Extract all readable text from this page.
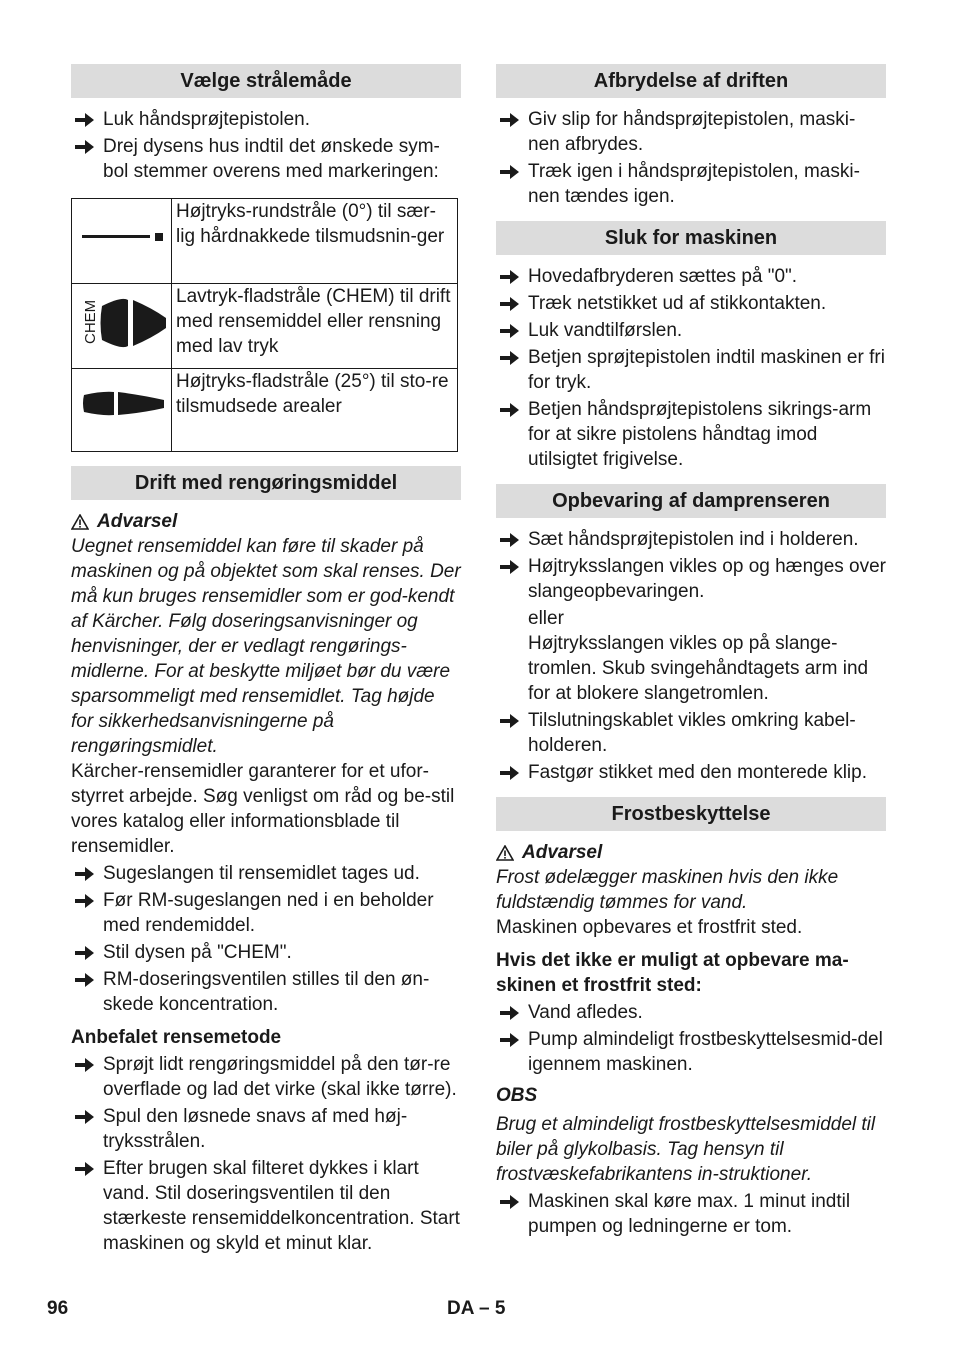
Vælge strålemåde
Luk håndsprøjtepistolen.
Drej dysens hus indtil det ønskede sym-bol stemmer overens med markeringen:
	Højtryks-rundstråle (0°) til sær-lig hårdnakkede tilsmudsnin-ger

CHEM	Lavtryk-fladstråle (CHEM) til drift med rensemiddel eller rensning med lav tryk
	Højtryks-fladstråle (25°) til sto-re tilsmudsede arealer
Drift med rengøringsmiddel
Advarsel
Uegnet rensemiddel kan føre til skader på maskinen og på objektet som skal renses. Der må kun bruges rensemidler som er god-kendt af Kärcher. Følg doseringsanvisninger og henvisninger, der er vedlagt rengørings-midlerne. For at beskytte miljøet bør du være sparsommeligt med rensemidlet. Tag højde for sikkerhedsanvisningerne på rengøringsmidlet.
Kärcher-rensemidler garanterer for et ufor-styrret arbejde. Søg venligst om råd og be-stil vores katalog eller informationsblade til rensemidler.
Sugeslangen til rensemidlet tages ud.
Før RM-sugeslangen ned i en beholder med rendemiddel.
Stil dysen på "CHEM".
RM-doseringsventilen stilles til den øn-skede koncentration.
Anbefalet rensemetode
Sprøjt lidt rengøringsmiddel på den tør-re overflade og lad det virke (skal ikke tørre).
Spul den løsnede snavs af med høj-tryksstrålen.
Efter brugen skal filteret dykkes i klart vand. Stil doseringsventilen til den stærkeste rensemiddelkoncentration. Start maskinen og skyld et minut klar.
Afbrydelse af driften
Giv slip for håndsprøjtepistolen, maski-nen afbrydes.
Træk igen i håndsprøjtepistolen, maski-nen tændes igen.
Sluk for maskinen
Hovedafbryderen sættes på "0".
Træk netstikket ud af stikkontakten.
Luk vandtilførslen.
Betjen sprøjtepistolen indtil maskinen er fri for tryk.
Betjen håndsprøjtepistolens sikrings-arm for at sikre pistolens håndtag imod utilsigtet frigivelse.
Opbevaring af damprenseren
Sæt håndsprøjtepistolen ind i holderen.
Højtryksslangen vikles op og hænges over slangeopbevaringen.
eller
Højtryksslangen vikles op på slange-tromlen. Skub svingehåndtagets arm ind for at blokere slangetromlen.
Tilslutningskablet vikles omkring kabel-holderen.
Fastgør stikket med den monterede klip.
Frostbeskyttelse
Advarsel
Frost ødelægger maskinen hvis den ikke fuldstændig tømmes for vand.
Maskinen opbevares et frostfrit sted.
Hvis det ikke er muligt at opbevare ma-skinen et frostfrit sted:
Vand afledes.
Pump almindeligt frostbeskyttelsesmid-del igennem maskinen.
OBS
Brug et almindeligt frostbeskyttelsesmiddel til biler på glykolbasis. Tag hensyn til frostvæskefabrikantens in-struktioner.
Maskinen skal køre max. 1 minut indtil pumpen og ledningerne er tom.
96	DA – 5
